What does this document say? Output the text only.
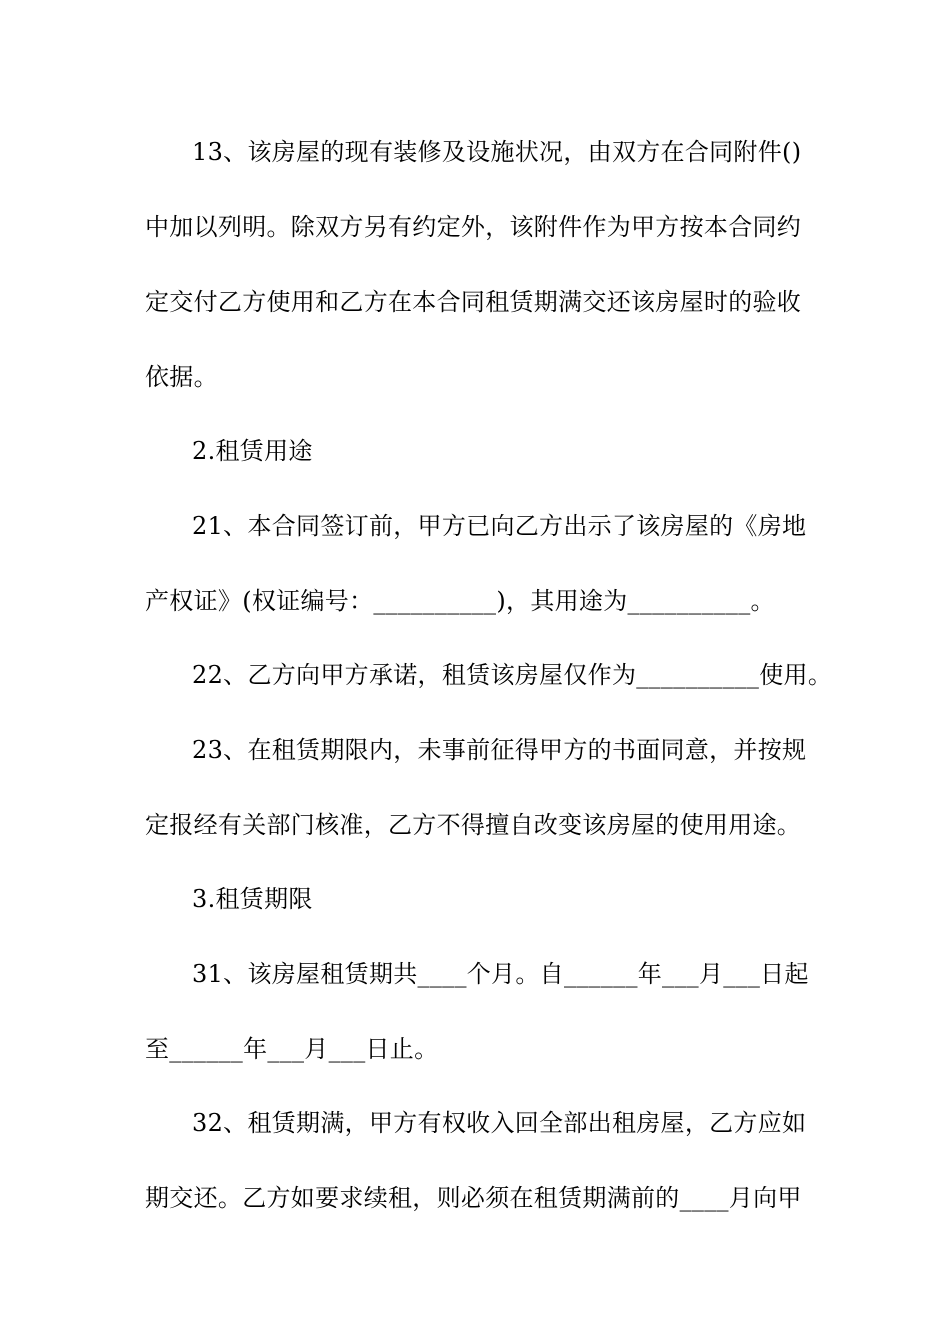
13、该房屋的现有装修及设施状况，由双方在合同附件()
中加以列明。除双方另有约定外，该附件作为甲方按本合同约
定交付乙方使用和乙方在本合同租赁期满交还该房屋时的验收
依据。
2.租赁用途
21、本合同签订前，甲方已向乙方出示了该房屋的《房地
产权证》(权证编号：__________)，其用途为__________。
22、乙方向甲方承诺，租赁该房屋仅作为__________使用。
23、在租赁期限内，未事前征得甲方的书面同意，并按规
定报经有关部门核准，乙方不得擅自改变该房屋的使用用途。
3.租赁期限
31、该房屋租赁期共____个月。自______年___月___日起
至______年___月___日止。
32、租赁期满，甲方有权收入回全部出租房屋，乙方应如
期交还。乙方如要求续租，则必须在租赁期满前的____月向甲
